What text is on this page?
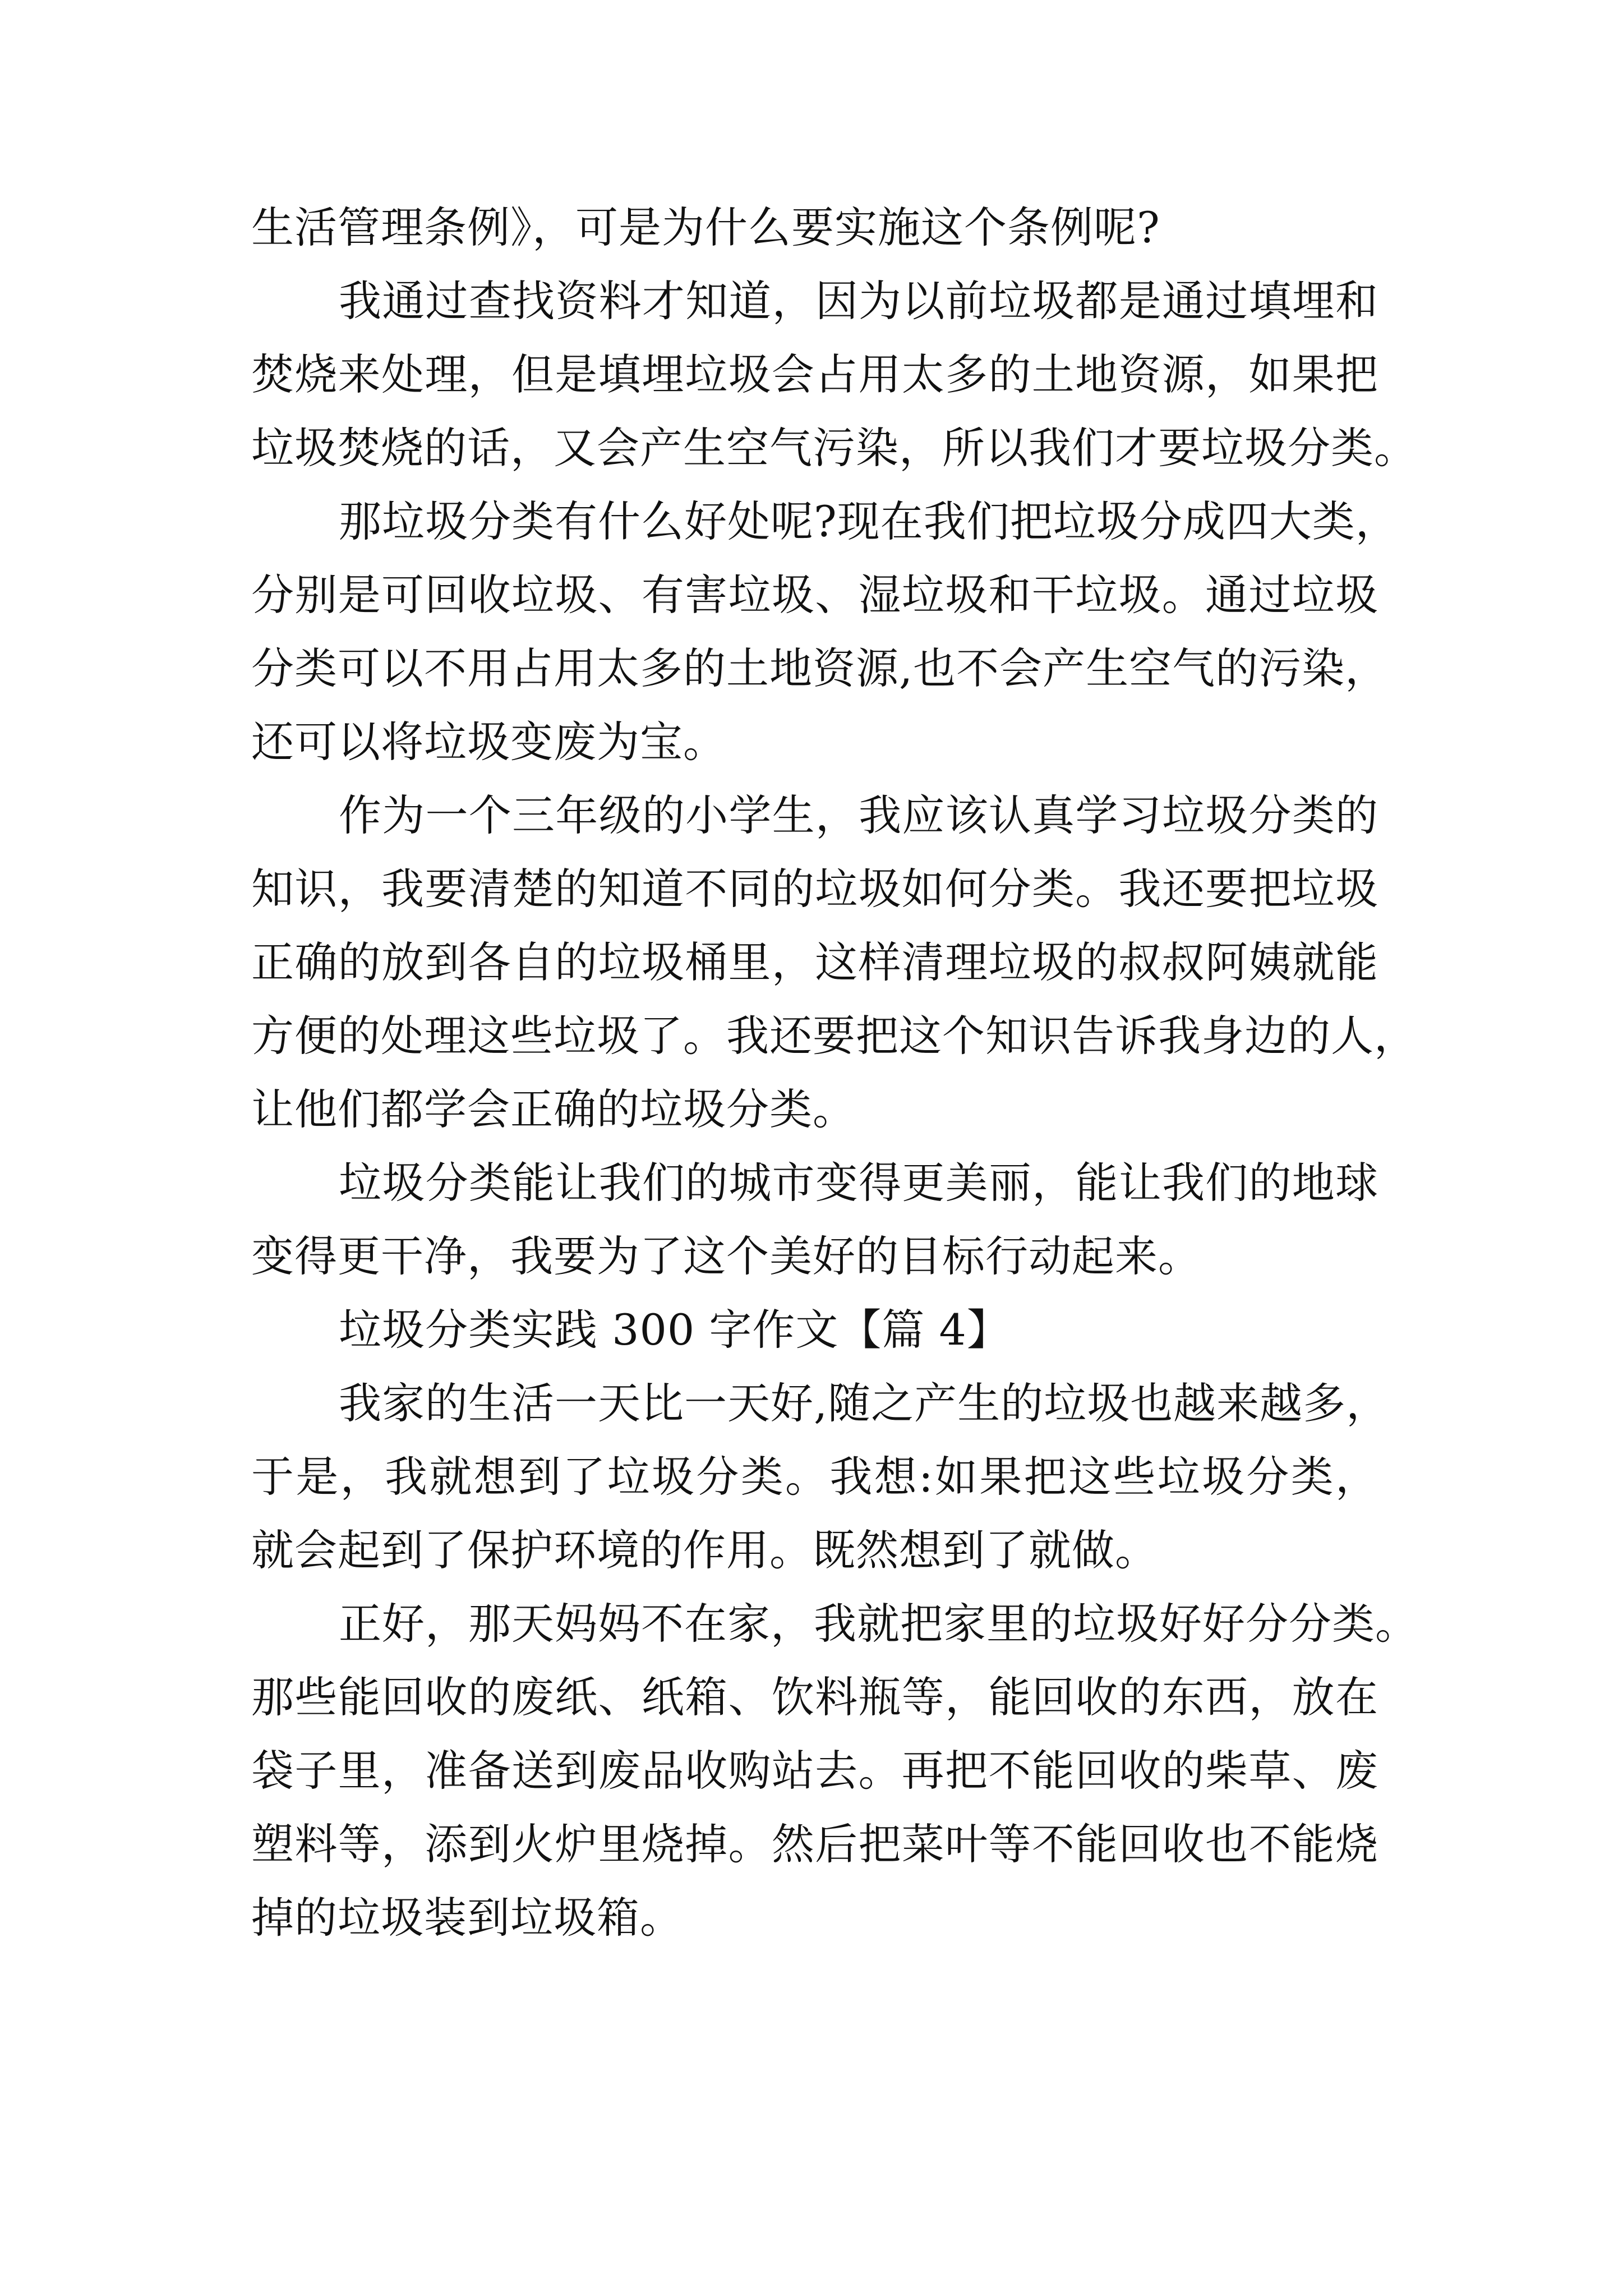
生活管理条例》，可是为什么要实施这个条例呢?
我通过查找资料才知道，因为以前垃圾都是通过填埋和
焚烧来处理，但是填埋垃圾会占用太多的土地资源，如果把
垃圾焚烧的话，又会产生空气污染，所以我们才要垃圾分类。
那垃圾分类有什么好处呢?现在我们把垃圾分成四大类，
分别是可回收垃圾、有害垃圾、湿垃圾和干垃圾。通过垃圾
分类可以不用占用太多的土地资源,也不会产生空气的污染，
还可以将垃圾变废为宝。
作为一个三年级的小学生，我应该认真学习垃圾分类的
知识，我要清楚的知道不同的垃圾如何分类。我还要把垃圾
正确的放到各自的垃圾桶里，这样清理垃圾的叔叔阿姨就能
方便的处理这些垃圾了。我还要把这个知识告诉我身边的人，
让他们都学会正确的垃圾分类。
垃圾分类能让我们的城市变得更美丽，能让我们的地球
变得更干净，我要为了这个美好的目标行动起来。
垃圾分类实践 300 字作文【篇 4】
我家的生活一天比一天好,随之产生的垃圾也越来越多，
于是，我就想到了垃圾分类。我想:如果把这些垃圾分类，
就会起到了保护环境的作用。既然想到了就做。
正好，那天妈妈不在家，我就把家里的垃圾好好分分类。
那些能回收的废纸、纸箱、饮料瓶等，能回收的东西，放在
袋子里，准备送到废品收购站去。再把不能回收的柴草、废
塑料等，添到火炉里烧掉。然后把菜叶等不能回收也不能烧
掉的垃圾装到垃圾箱。
